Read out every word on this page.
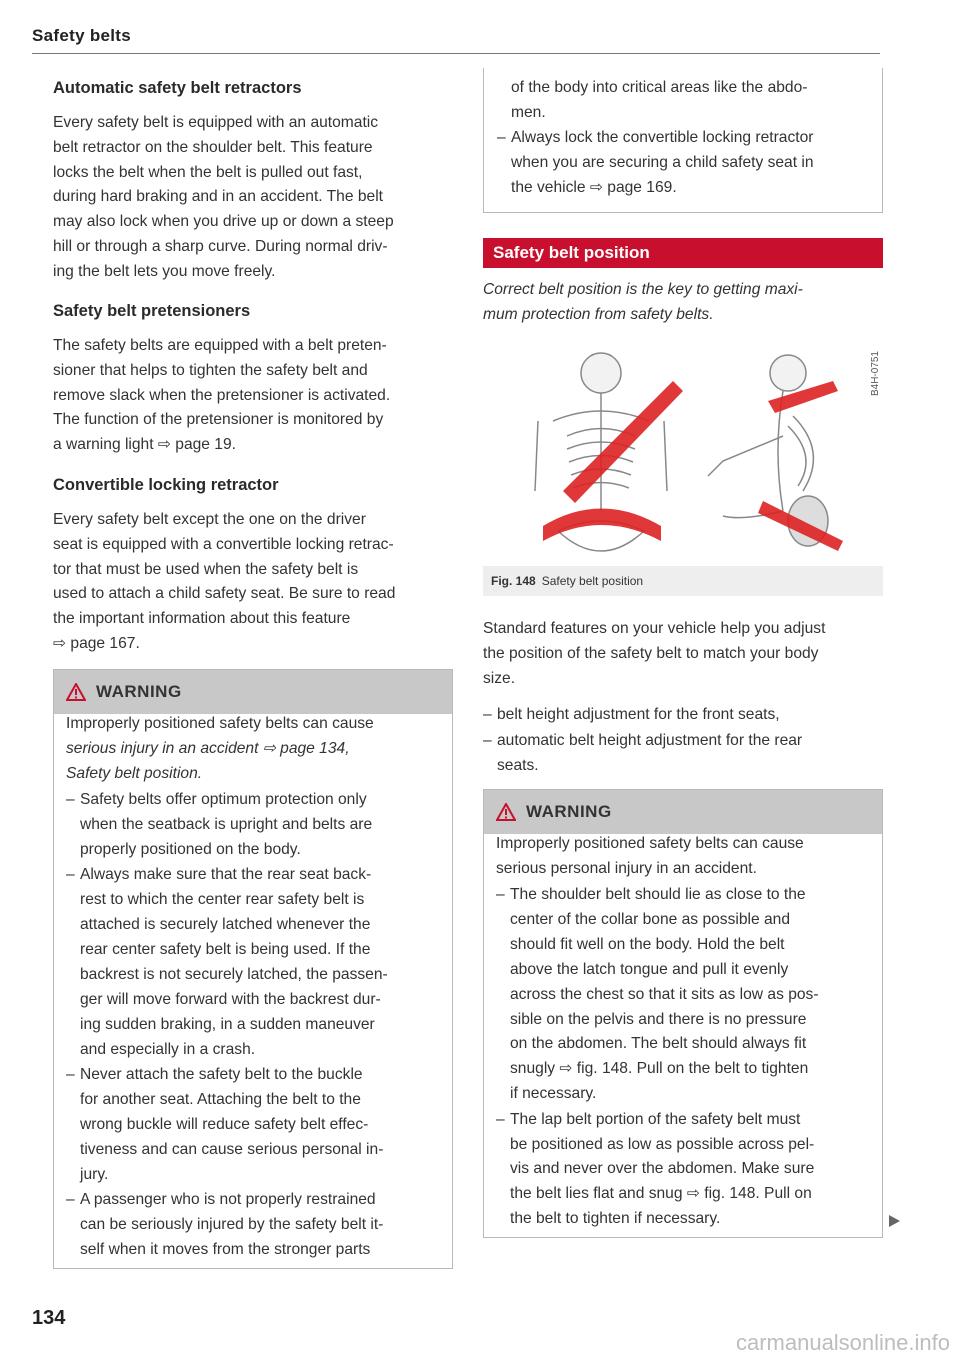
Safety belts
Automatic safety belt retractors

Every safety belt is equipped with an automatic
belt retractor on the shoulder belt. This feature
locks the belt when the belt is pulled out fast,
during hard braking and in an accident. The belt
may also lock when you drive up or down a steep
hill or through a sharp curve. During normal driv-
ing the belt lets you move freely.

Safety belt pretensioners

The safety belts are equipped with a belt preten-
sioner that helps to tighten the safety belt and
remove slack when the pretensioner is activated.
The function of the pretensioner is monitored by
a warning light ⇨ page 19.

Convertible locking retractor

Every safety belt except the one on the driver
seat is equipped with a convertible locking retrac-
tor that must be used when the safety belt is
used to attach a child safety seat. Be sure to read
the important information about this feature
⇨ page 167.

WARNING

Improperly positioned safety belts can cause
serious injury in an accident ⇨ page 134,
Safety belt position.

– Safety belts offer optimum protection only
when the seatback is upright and belts are
properly positioned on the body.
– Always make sure that the rear seat back-
rest to which the center rear safety belt is
attached is securely latched whenever the
rear center safety belt is being used. If the
backrest is not securely latched, the passen-
ger will move forward with the backrest dur-
ing sudden braking, in a sudden maneuver
and especially in a crash.
– Never attach the safety belt to the buckle
for another seat. Attaching the belt to the
wrong buckle will reduce safety belt effec-
tiveness and can cause serious personal in-
jury.
– A passenger who is not properly restrained
can be seriously injured by the safety belt it-
self when it moves from the stronger parts
134
of the body into critical areas like the abdo-
men.
– Always lock the convertible locking retractor
when you are securing a child safety seat in
the vehicle ⇨ page 169.
Safety belt position

Correct belt position is the key to getting maxi-
mum protection from safety belts.

B4H-0751
Fig. 148 Safety belt position

Standard features on your vehicle help you adjust
the position of the safety belt to match your body
size.

WARNING

Improperly positioned safety belts can cause
serious personal injury in an accident.

– The shoulder belt should lie as close to the
center of the collar bone as possible and
should fit well on the body. Hold the belt
above the latch tongue and pull it evenly
across the chest so that it sits as low as pos-
sible on the pelvis and there is no pressure
on the abdomen. The belt should always fit
snugly ⇨ fig. 148. Pull on the belt to tighten
if necessary.
– The lap belt portion of the safety belt must
be positioned as low as possible across pel-
vis and never over the abdomen. Make sure
the belt lies flat and snug ⇨ fig. 148. Pull on
the belt to tighten if necessary.
carmanualsonline.info
– belt height adjustment for the front seats,
– automatic belt height adjustment for the rear
seats.
